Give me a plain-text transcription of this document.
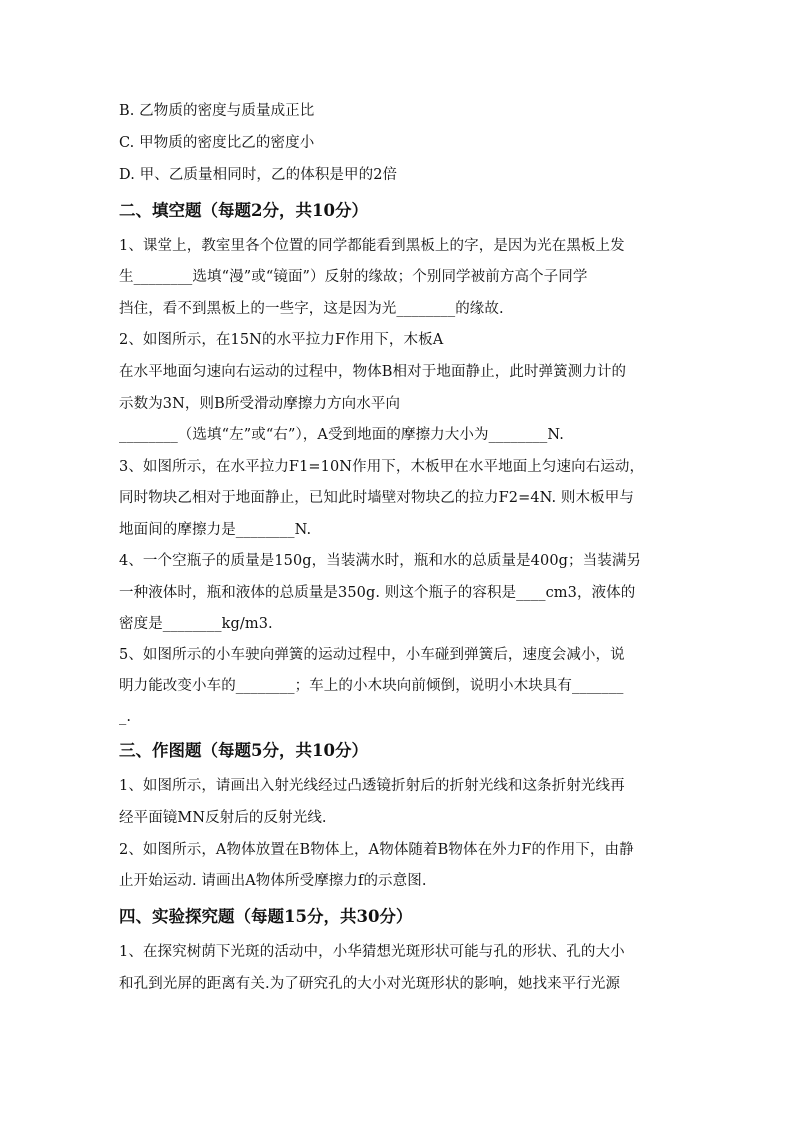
B. 乙物质的密度与质量成正比
C. 甲物质的密度比乙的密度小
D. 甲、乙质量相同时，乙的体积是甲的2倍
二、填空题（每题2分，共10分）
1、课堂上，教室里各个位置的同学都能看到黑板上的字，是因为光在黑板上发
生________选填“漫”或“镜面”）反射的缘故；个别同学被前方高个子同学
挡住，看不到黑板上的一些字，这是因为光________的缘故.
2、如图所示，在15N的水平拉力F作用下，木板A
在水平地面匀速向右运动的过程中，物体B相对于地面静止，此时弹簧测力计的
示数为3N，则B所受滑动摩擦力方向水平向
________（选填“左”或“右”），A受到地面的摩擦力大小为________N.
3、如图所示，在水平拉力F1=10N作用下，木板甲在水平地面上匀速向右运动，
同时物块乙相对于地面静止，已知此时墙壁对物块乙的拉力F2=4N. 则木板甲与
地面间的摩擦力是________N.
4、一个空瓶子的质量是150g，当装满水时，瓶和水的总质量是400g；当装满另
一种液体时，瓶和液体的总质量是350g. 则这个瓶子的容积是____cm3，液体的
密度是________kg/m3.
5、如图所示的小车驶向弹簧的运动过程中，小车碰到弹簧后，速度会减小，说
明力能改变小车的________；车上的小木块向前倾倒，说明小木块具有_______
_.
三、作图题（每题5分，共10分）
1、如图所示，请画出入射光线经过凸透镜折射后的折射光线和这条折射光线再
经平面镜MN反射后的反射光线.
2、如图所示，A物体放置在B物体上，A物体随着B物体在外力F的作用下，由静
止开始运动. 请画出A物体所受摩擦力f的示意图.
四、实验探究题（每题15分，共30分）
1、在探究树荫下光斑的活动中，小华猜想光斑形状可能与孔的形状、孔的大小
和孔到光屏的距离有关.为了研究孔的大小对光斑形状的影响，她找来平行光源
